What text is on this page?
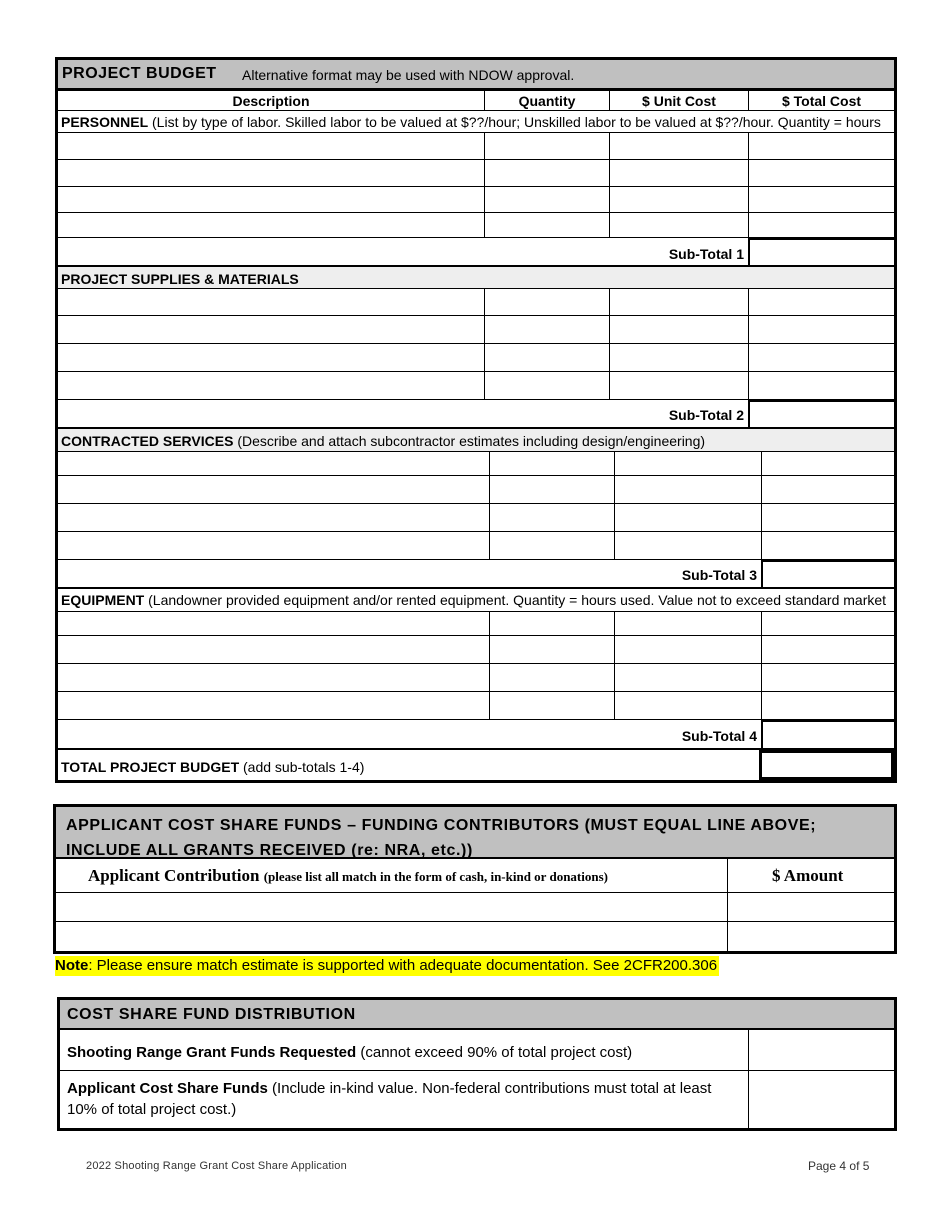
PROJECT BUDGET Alternative format may be used with NDOW approval.
Description	Quantity	$ Unit Cost	$ Total Cost
PERSONNEL (List by type of labor. Skilled labor to be valued at $??/hour; Unskilled labor to be valued at $??/hour. Quantity = hours
Sub-Total 1
PROJECT SUPPLIES & MATERIALS
Sub-Total 2
CONTRACTED SERVICES (Describe and attach subcontractor estimates including design/engineering)
Sub-Total 3
EQUIPMENT (Landowner provided equipment and/or rented equipment. Quantity = hours used. Value not to exceed standard market
Sub-Total 4
TOTAL PROJECT BUDGET (add sub-totals 1-4)
APPLICANT COST SHARE FUNDS – FUNDING CONTRIBUTORS (MUST EQUAL LINE ABOVE; INCLUDE ALL GRANTS RECEIVED (re: NRA, etc.))
Applicant Contribution (please list all match in the form of cash, in-kind or donations)	$ Amount
Note: Please ensure match estimate is supported with adequate documentation. See 2CFR200.306
COST SHARE FUND DISTRIBUTION
Shooting Range Grant Funds Requested (cannot exceed 90% of total project cost)
Applicant Cost Share Funds (Include in-kind value. Non-federal contributions must total at least 10% of total project cost.)
2022 Shooting Range Grant Cost Share Application	Page 4 of 5
